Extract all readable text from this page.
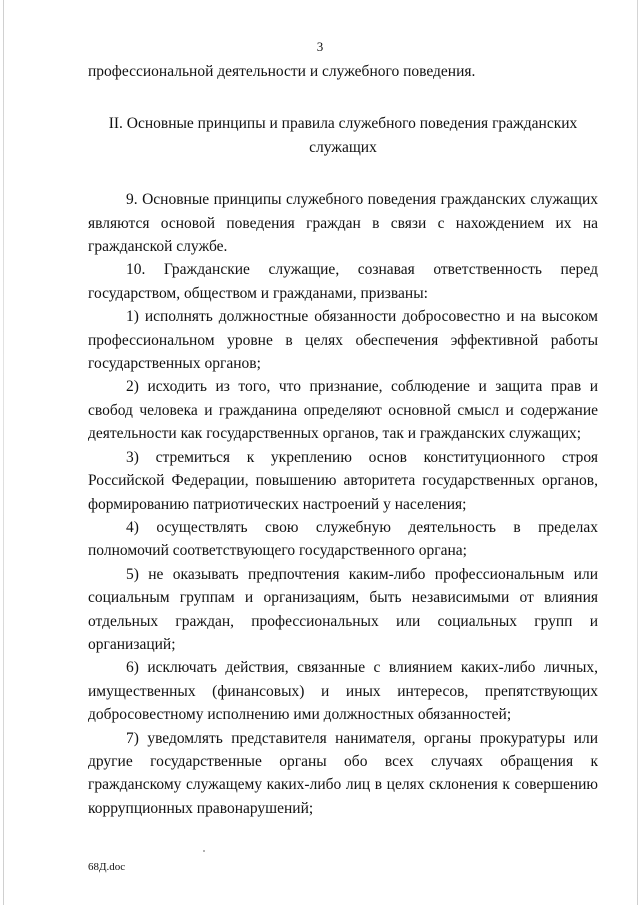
3

профессиональной деятельности и служебного поведения.

II. Основные принципы и правила служебного поведения гражданских служащих

9. Основные принципы служебного поведения гражданских служащих являются основой поведения граждан в связи с нахождением их на гражданской службе.

10. Гражданские служащие, сознавая ответственность перед государством, обществом и гражданами, призваны:

1) исполнять должностные обязанности добросовестно и на высоком профессиональном уровне в целях обеспечения эффективной работы государственных органов;

2) исходить из того, что признание, соблюдение и защита прав и свобод человека и гражданина определяют основной смысл и содержание деятельности как государственных органов, так и гражданских служащих;

3) стремиться к укреплению основ конституционного строя Российской Федерации, повышению авторитета государственных органов, формированию патриотических настроений у населения;

4) осуществлять свою служебную деятельность в пределах полномочий соответствующего государственного органа;

5) не оказывать предпочтения каким-либо профессиональным или социальным группам и организациям, быть независимыми от влияния отдельных граждан, профессиональных или социальных групп и организаций;

6) исключать действия, связанные с влиянием каких-либо личных, имущественных (финансовых) и иных интересов, препятствующих добросовестному исполнению ими должностных обязанностей;

7) уведомлять представителя нанимателя, органы прокуратуры или другие государственные органы обо всех случаях обращения к гражданскому служащему каких-либо лиц в целях склонения к совершению коррупционных правонарушений;

68Д.doc
